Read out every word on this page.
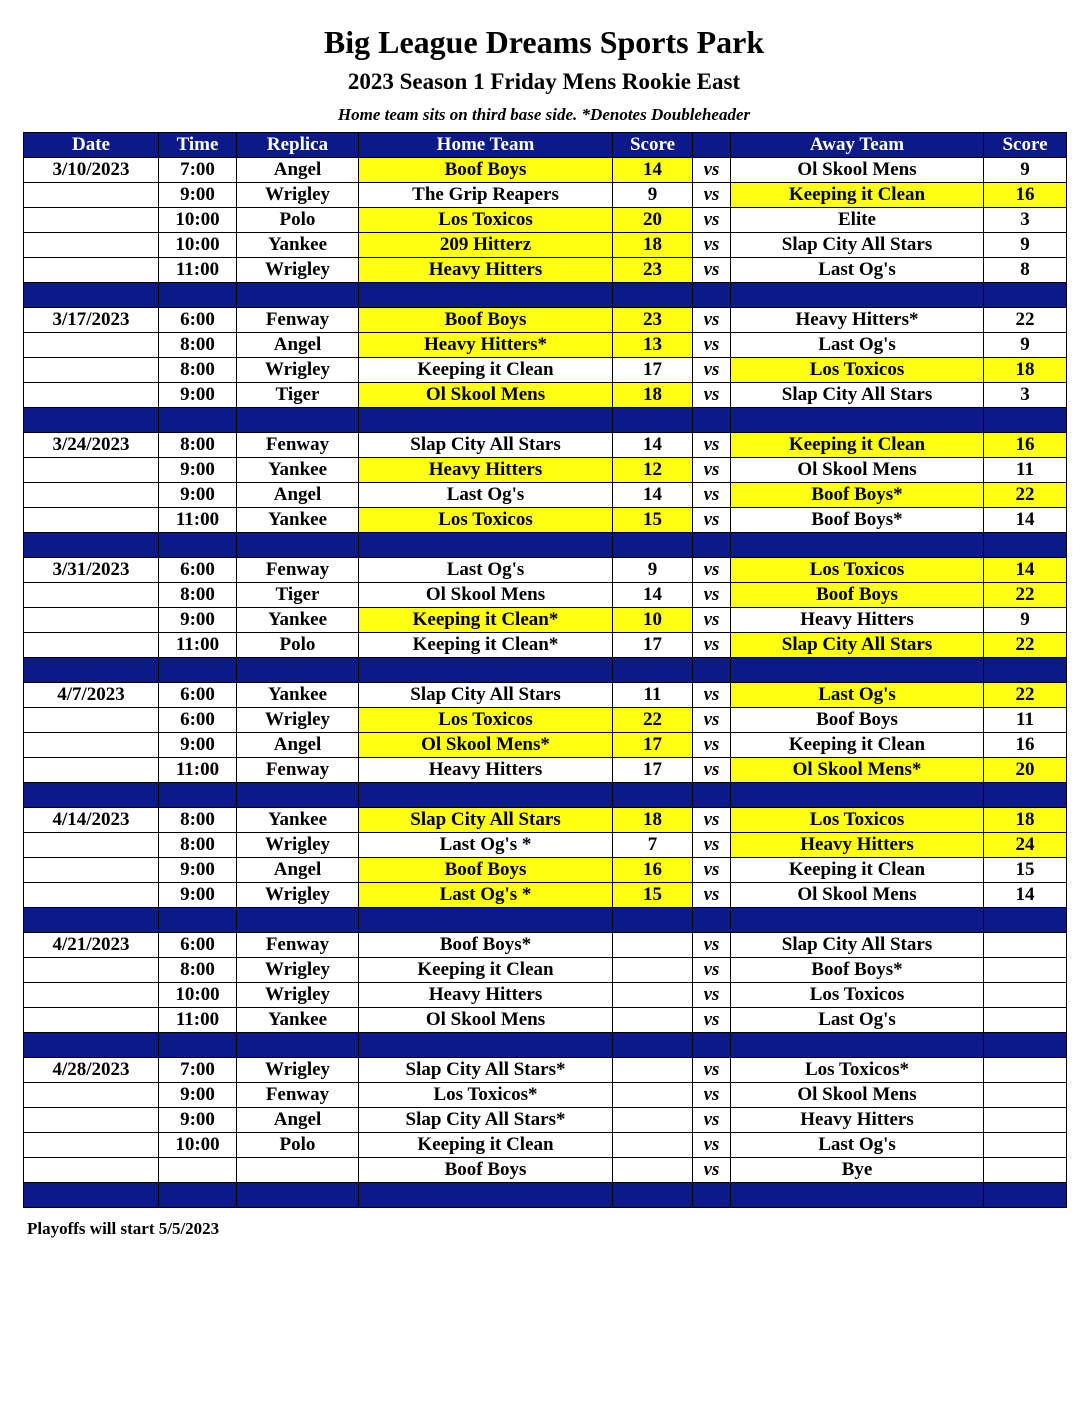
Big League Dreams Sports Park
2023 Season 1 Friday Mens Rookie East
Home team sits on third base side. *Denotes Doubleheader
Date	Time	Replica	Home Team	Score		Away Team	Score
3/10/2023	7:00	Angel	Boof Boys	14	vs	Ol Skool Mens	9
	9:00	Wrigley	The Grip Reapers	9	vs	Keeping it Clean	16
	10:00	Polo	Los Toxicos	20	vs	Elite	3
	10:00	Yankee	209 Hitterz	18	vs	Slap City All Stars	9
	11:00	Wrigley	Heavy Hitters	23	vs	Last Og's	8

3/17/2023	6:00	Fenway	Boof Boys	23	vs	Heavy Hitters*	22
	8:00	Angel	Heavy Hitters*	13	vs	Last Og's	9
	8:00	Wrigley	Keeping it Clean	17	vs	Los Toxicos	18
	9:00	Tiger	Ol Skool Mens	18	vs	Slap City All Stars	3

3/24/2023	8:00	Fenway	Slap City All Stars	14	vs	Keeping it Clean	16
	9:00	Yankee	Heavy Hitters	12	vs	Ol Skool Mens	11
	9:00	Angel	Last Og's	14	vs	Boof Boys*	22
	11:00	Yankee	Los Toxicos	15	vs	Boof Boys*	14

3/31/2023	6:00	Fenway	Last Og's	9	vs	Los Toxicos	14
	8:00	Tiger	Ol Skool Mens	14	vs	Boof Boys	22
	9:00	Yankee	Keeping it Clean*	10	vs	Heavy Hitters	9
	11:00	Polo	Keeping it Clean*	17	vs	Slap City All Stars	22

4/7/2023	6:00	Yankee	Slap City All Stars	11	vs	Last Og's	22
	6:00	Wrigley	Los Toxicos	22	vs	Boof Boys	11
	9:00	Angel	Ol Skool Mens*	17	vs	Keeping it Clean	16
	11:00	Fenway	Heavy Hitters	17	vs	Ol Skool Mens*	20

4/14/2023	8:00	Yankee	Slap City All Stars	18	vs	Los Toxicos	18
	8:00	Wrigley	Last Og's *	7	vs	Heavy Hitters	24
	9:00	Angel	Boof Boys	16	vs	Keeping it Clean	15
	9:00	Wrigley	Last Og's *	15	vs	Ol Skool Mens	14

4/21/2023	6:00	Fenway	Boof Boys*		vs	Slap City All Stars	
	8:00	Wrigley	Keeping it Clean		vs	Boof Boys*	
	10:00	Wrigley	Heavy Hitters		vs	Los Toxicos	
	11:00	Yankee	Ol Skool Mens		vs	Last Og's	

4/28/2023	7:00	Wrigley	Slap City All Stars*		vs	Los Toxicos*	
	9:00	Fenway	Los Toxicos*		vs	Ol Skool Mens	
	9:00	Angel	Slap City All Stars*		vs	Heavy Hitters	
	10:00	Polo	Keeping it Clean		vs	Last Og's	
			Boof Boys		vs	Bye	

Playoffs will start 5/5/2023
